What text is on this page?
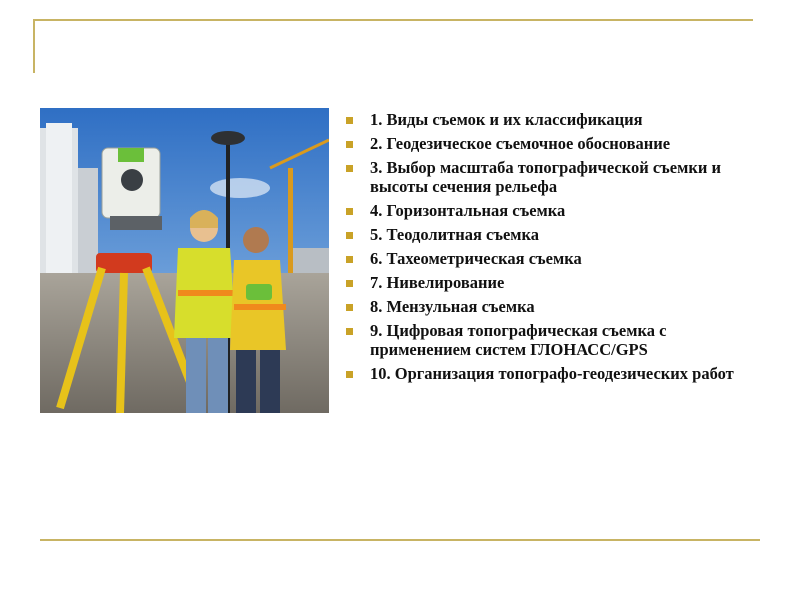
1. Виды съемок и их классификация
2. Геодезическое съемочное обоснование
3. Выбор масштаба топографической съемки и высоты сечения рельефа
4. Горизонтальная съемка
5. Теодолитная съемка
6. Тахеометрическая съемка
7. Нивелирование
8. Мензульная съемка
9. Цифровая топографическая съемка с применением систем ГЛОНАСС/GPS
10. Организация топографо-геодезических работ
